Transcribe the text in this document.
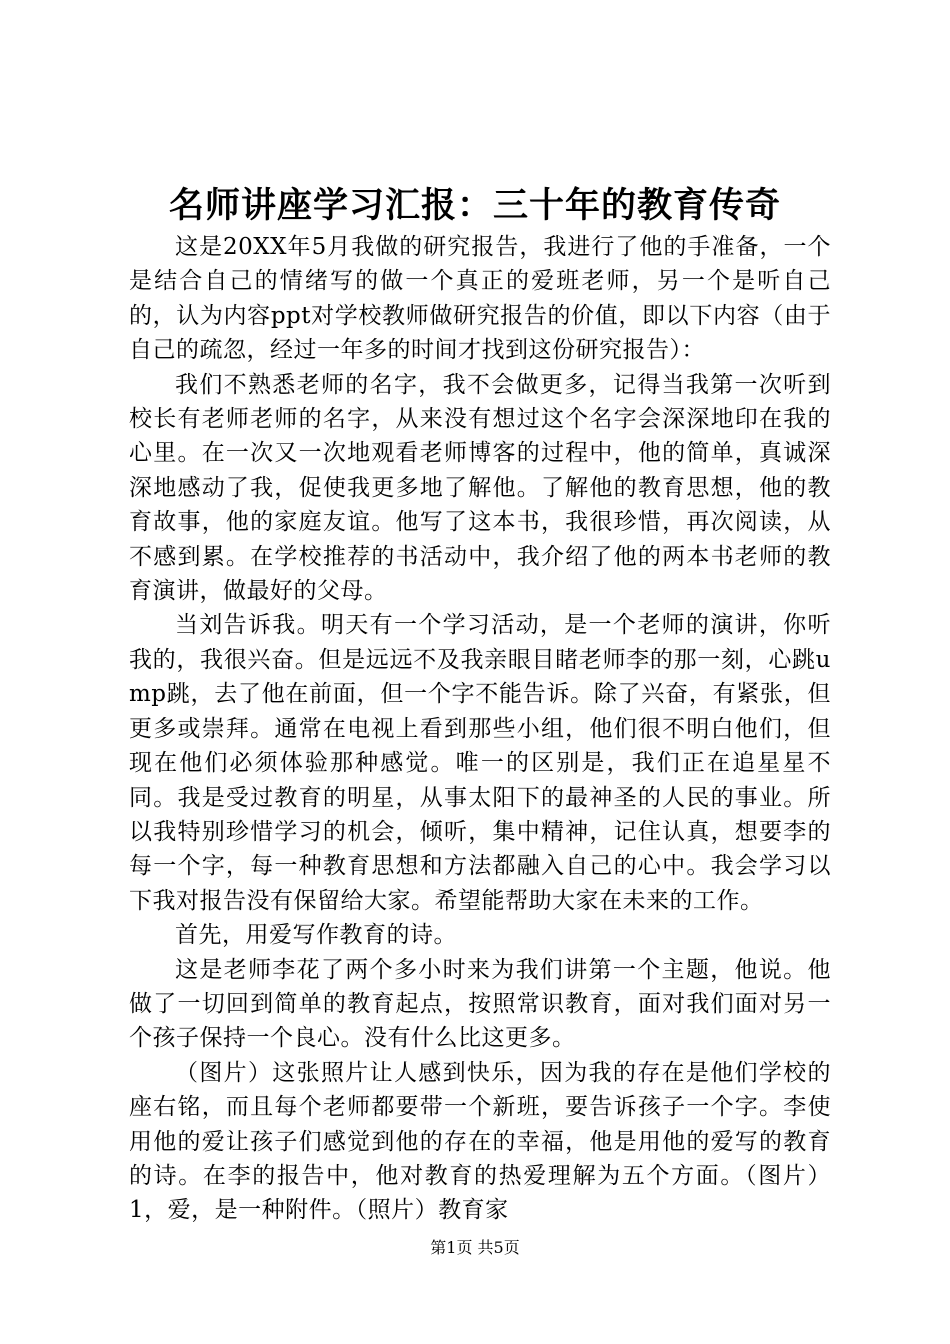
名师讲座学习汇报：三十年的教育传奇

这是20XX年5月我做的研究报告，我进行了他的手准备，一个是结合自己的情绪写的做一个真正的爱班老师，另一个是听自己的，认为内容ppt对学校教师做研究报告的价值，即以下内容（由于自己的疏忽，经过一年多的时间才找到这份研究报告）：

我们不熟悉老师的名字，我不会做更多，记得当我第一次听到校长有老师老师的名字，从来没有想过这个名字会深深地印在我的心里。在一次又一次地观看老师博客的过程中，他的简单，真诚深深地感动了我，促使我更多地了解他。了解他的教育思想，他的教育故事，他的家庭友谊。他写了这本书，我很珍惜，再次阅读，从不感到累。在学校推荐的书活动中，我介绍了他的两本书老师的教育演讲，做最好的父母。

当刘告诉我。明天有一个学习活动，是一个老师的演讲，你听我的，我很兴奋。但是远远不及我亲眼目睹老师李的那一刻，心跳ump跳，去了他在前面，但一个字不能告诉。除了兴奋，有紧张，但更多或崇拜。通常在电视上看到那些小组，他们很不明白他们，但现在他们必须体验那种感觉。唯一的区别是，我们正在追星星不同。我是受过教育的明星，从事太阳下的最神圣的人民的事业。所以我特别珍惜学习的机会，倾听，集中精神，记住认真，想要李的每一个字，每一种教育思想和方法都融入自己的心中。我会学习以下我对报告没有保留给大家。希望能帮助大家在未来的工作。

首先，用爱写作教育的诗。

这是老师李花了两个多小时来为我们讲第一个主题，他说。他做了一切回到简单的教育起点，按照常识教育，面对我们面对另一个孩子保持一个良心。没有什么比这更多。

（图片）这张照片让人感到快乐，因为我的存在是他们学校的座右铭，而且每个老师都要带一个新班，要告诉孩子一个字。李使用他的爱让孩子们感觉到他的存在的幸福，他是用他的爱写的教育的诗。在李的报告中，他对教育的热爱理解为五个方面。（图片）1，爱，是一种附件。（照片）教育家

第1页 共5页
